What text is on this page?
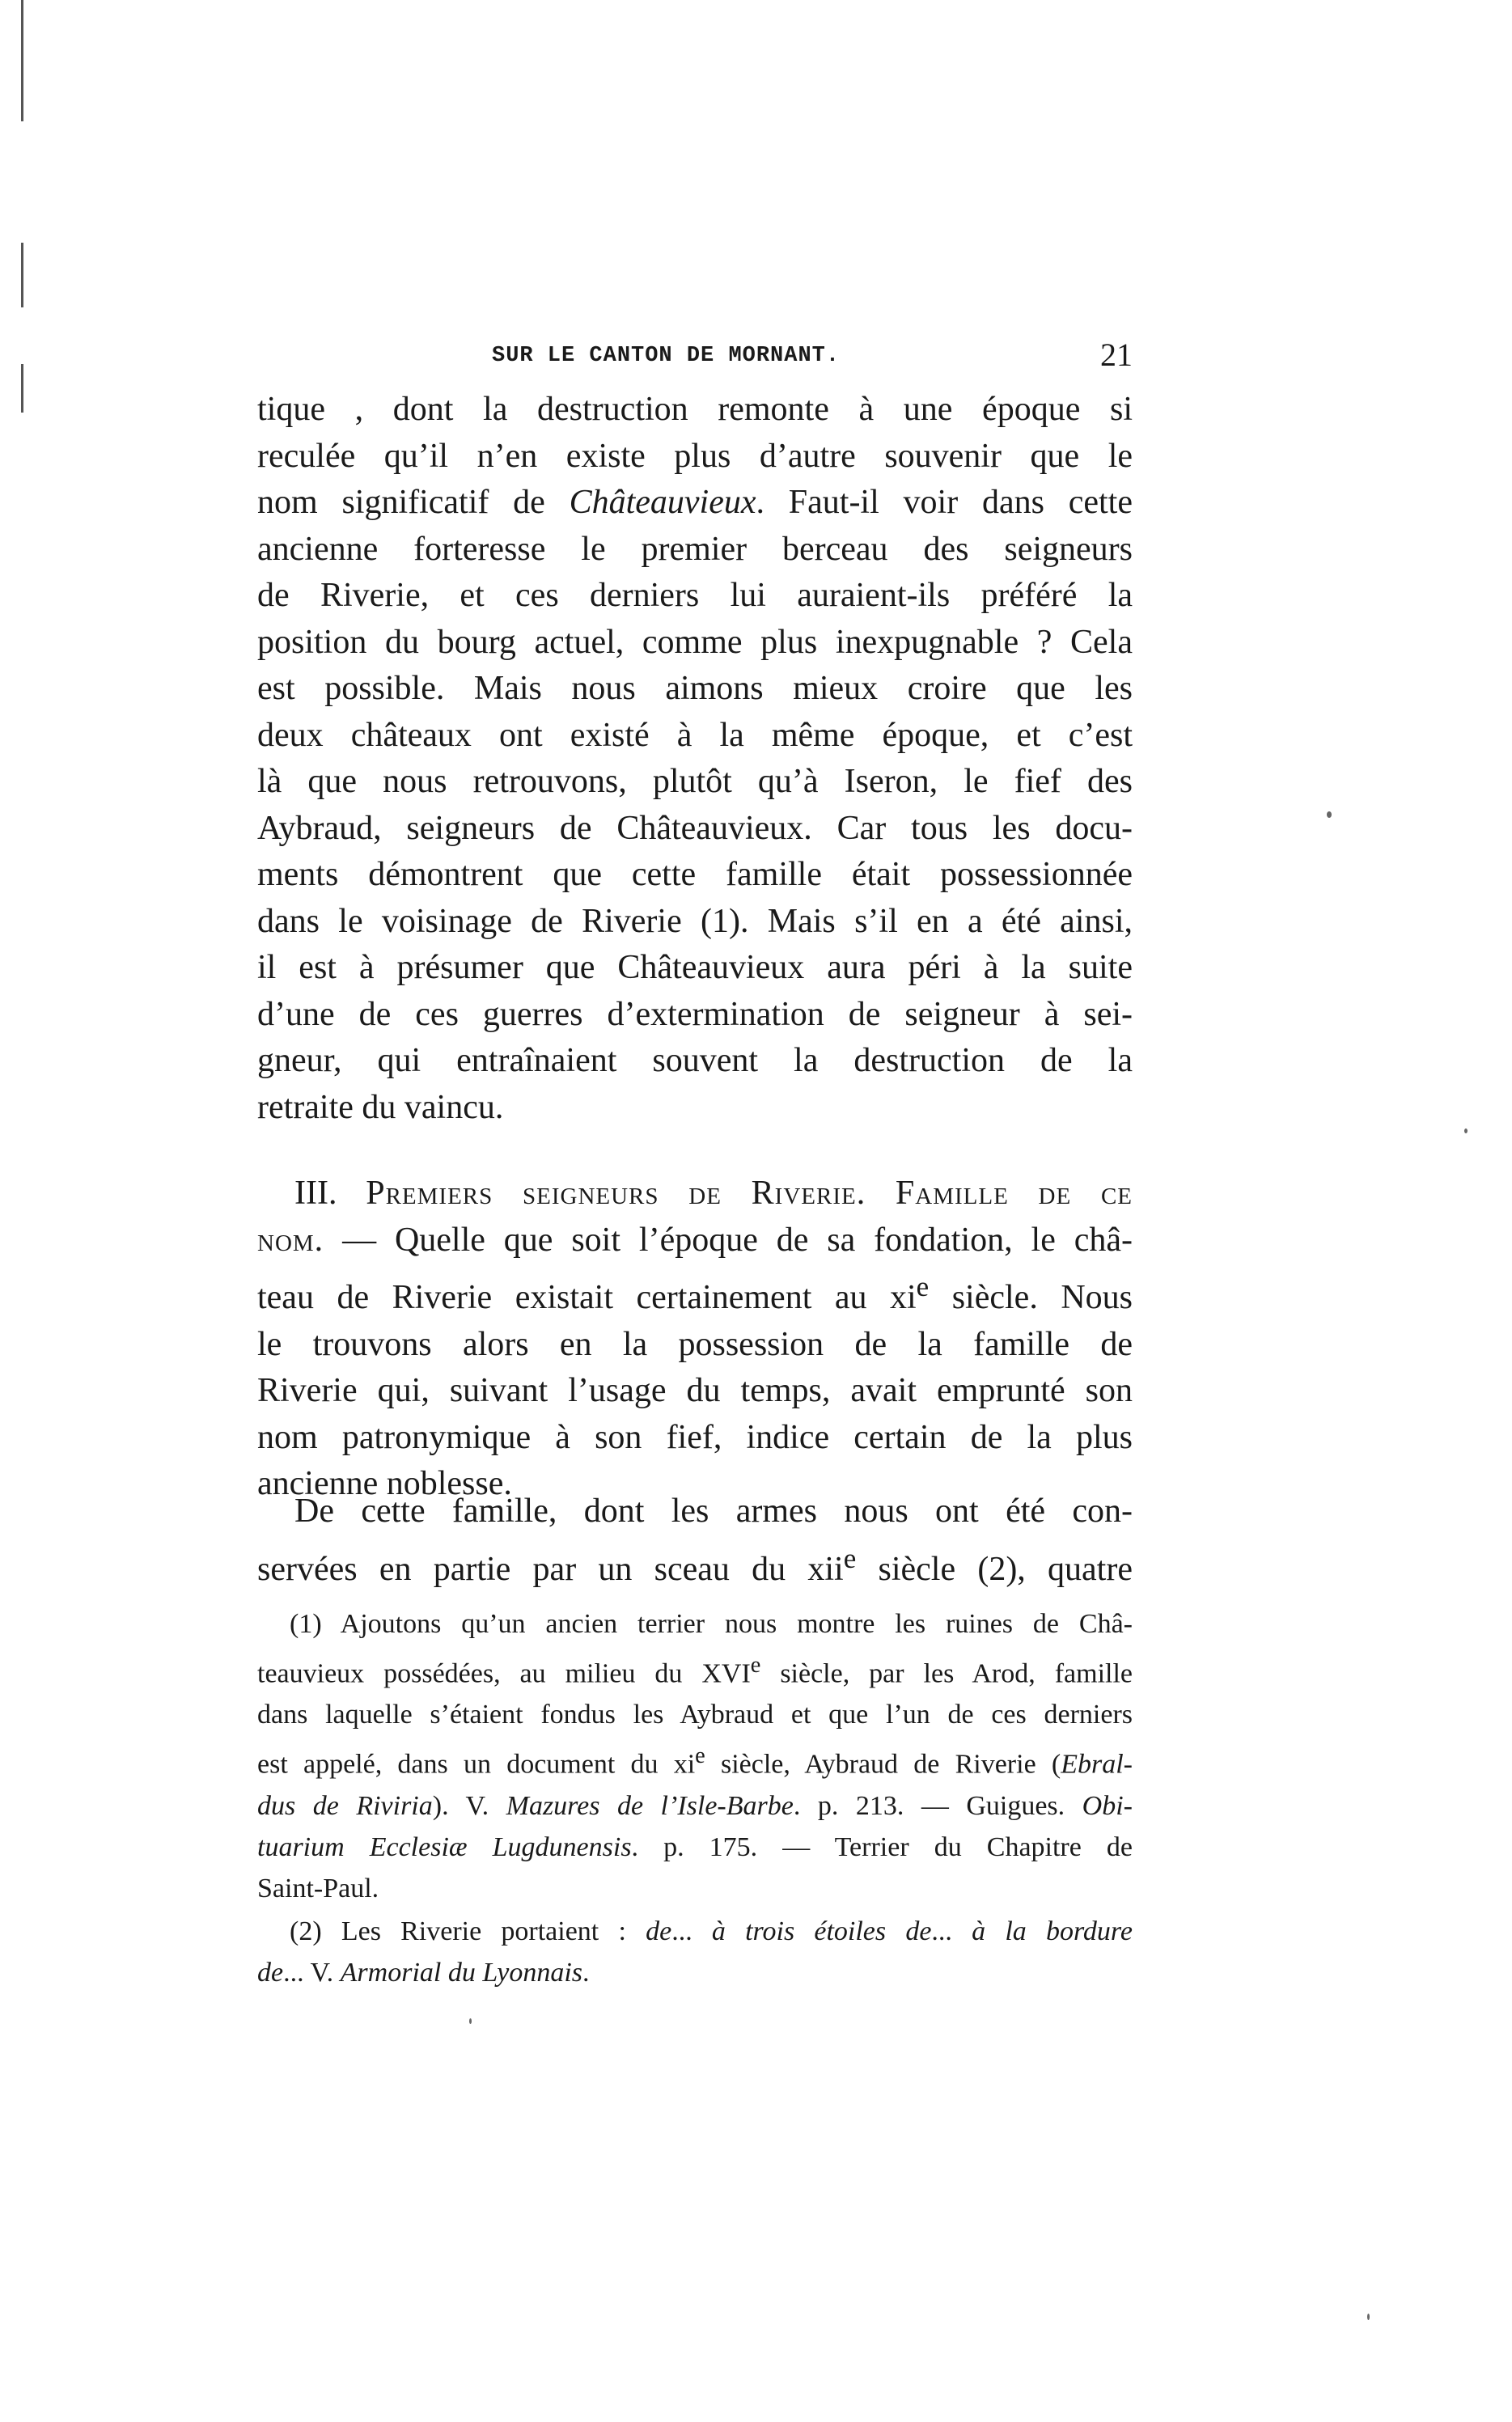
SUR LE CANTON DE MORNANT.	21
tique , dont la destruction remonte à une époque si
reculée qu’il n’en existe plus d’autre souvenir que le
nom significatif de Châteauvieux. Faut-il voir dans cette
ancienne forteresse le premier berceau des seigneurs
de Riverie, et ces derniers lui auraient-ils préféré la
position du bourg actuel, comme plus inexpugnable ? Cela
est possible. Mais nous aimons mieux croire que les
deux châteaux ont existé à la même époque, et c’est
là que nous retrouvons, plutôt qu’à Iseron, le fief des
Aybraud, seigneurs de Châteauvieux. Car tous les docu-
ments démontrent que cette famille était possessionnée
dans le voisinage de Riverie (1). Mais s’il en a été ainsi,
il est à présumer que Châteauvieux aura péri à la suite
d’une de ces guerres d’extermination de seigneur à sei-
gneur, qui entraînaient souvent la destruction de la
retraite du vaincu.
III. Premiers seigneurs de Riverie. Famille de ce
nom. — Quelle que soit l’époque de sa fondation, le châ-
teau de Riverie existait certainement au $xi^e$ siècle. Nous
le trouvons alors en la possession de la famille de
Riverie qui, suivant l’usage du temps, avait emprunté son
nom patronymique à son fief, indice certain de la plus
ancienne noblesse.
De cette famille, dont les armes nous ont été con-
servées en partie par un sceau du xii$^e$ siècle (2), quatre
(1) Ajoutons qu’un ancien terrier nous montre les ruines de Châ-
teauvieux possédées, au milieu du XVIe siècle, par les Arod, famille
dans laquelle s’étaient fondus les Aybraud et que l’un de ces derniers
est appelé, dans un document du $xi^e$ siècle, Aybraud de Riverie (Ebral-
dus de Riviria). V. Mazures de l’Isle-Barbe. p. 213. — Guigues. Obi-
tuarium Ecclesiæ Lugdunensis. p. 175. — Terrier du Chapitre de
Saint-Paul.
(2) Les Riverie portaient : de... à trois étoiles de... à la bordure
de... V. Armorial du Lyonnais.
